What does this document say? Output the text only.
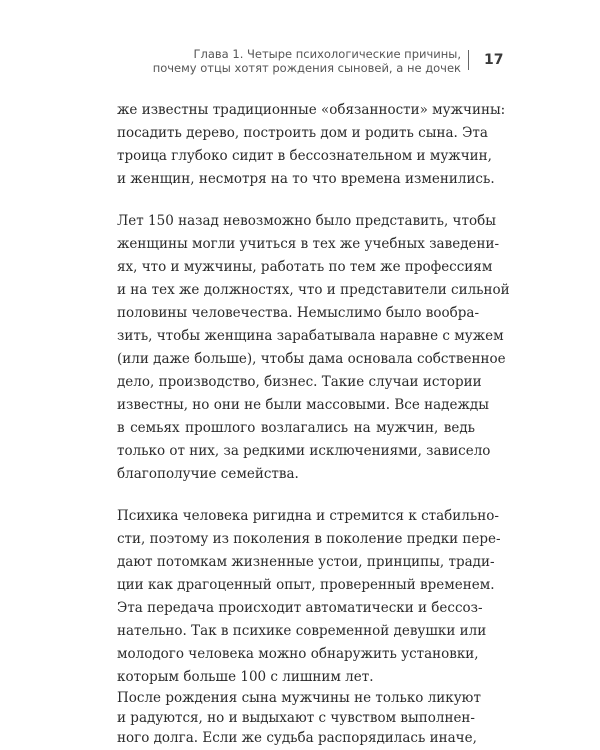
Глава 1. Четыре психологические причины,
почему отцы хотят рождения сыновей, а не дочек 17
же известны традиционные «обязанности» мужчины:
посадить дерево, построить дом и родить сына. Эта
троица глубоко сидит в бессознательном и мужчин,
и женщин, несмотря на то что времена изменились.
Лет 150 назад невозможно было представить, чтобы
женщины могли учиться в тех же учебных заведени-
ях, что и мужчины, работать по тем же профессиям
и на тех же должностях, что и представители сильной
половины человечества. Немыслимо было вообра-
зить, чтобы женщина зарабатывала наравне с мужем
(или даже больше), чтобы дама основала собственное
дело, производство, бизнес. Такие случаи истории
известны, но они не были массовыми. Все надежды
в семьях прошлого возлагались на мужчин, ведь
только от них, за редкими исключениями, зависело
благополучие семейства.
Психика человека ригидна и стремится к стабильно-
сти, поэтому из поколения в поколение предки пере-
дают потомкам жизненные устои, принципы, тради-
ции как драгоценный опыт, проверенный временем.
Эта передача происходит автоматически и бессоз-
нательно. Так в психике современной девушки или
молодого человека можно обнаружить установки,
которым больше 100 с лишним лет.
После рождения сына мужчины не только ликуют
и радуются, но и выдыхают с чувством выполнен-
ного долга. Если же судьба распорядилась иначе,
